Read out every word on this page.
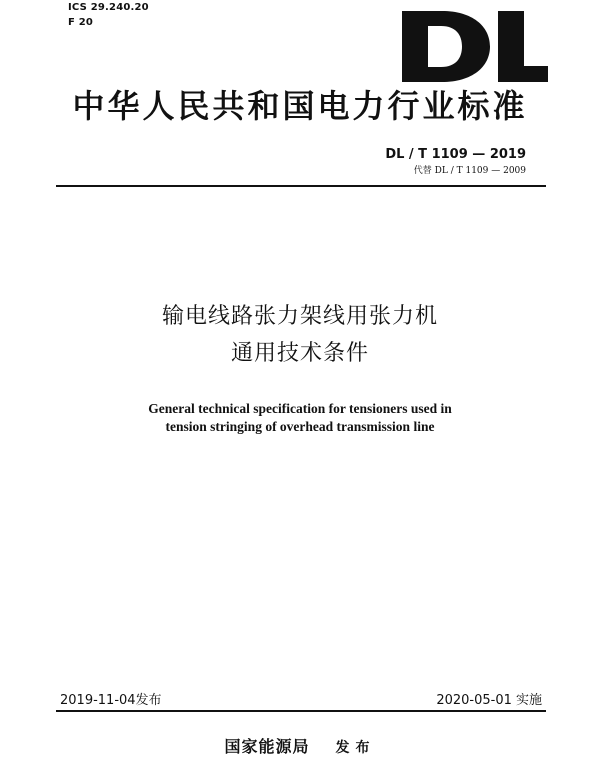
ICS 29.240.20
F 20
中华人民共和国电力行业标准
DL / T 1109 — 2019
代替 DL / T 1109 — 2009
输电线路张力架线用张力机
通用技术条件
General technical specification for tensioners used in
tension stringing of overhead transmission line
2019-11-04发布	2020-05-01 实施
国家能源局 发布
